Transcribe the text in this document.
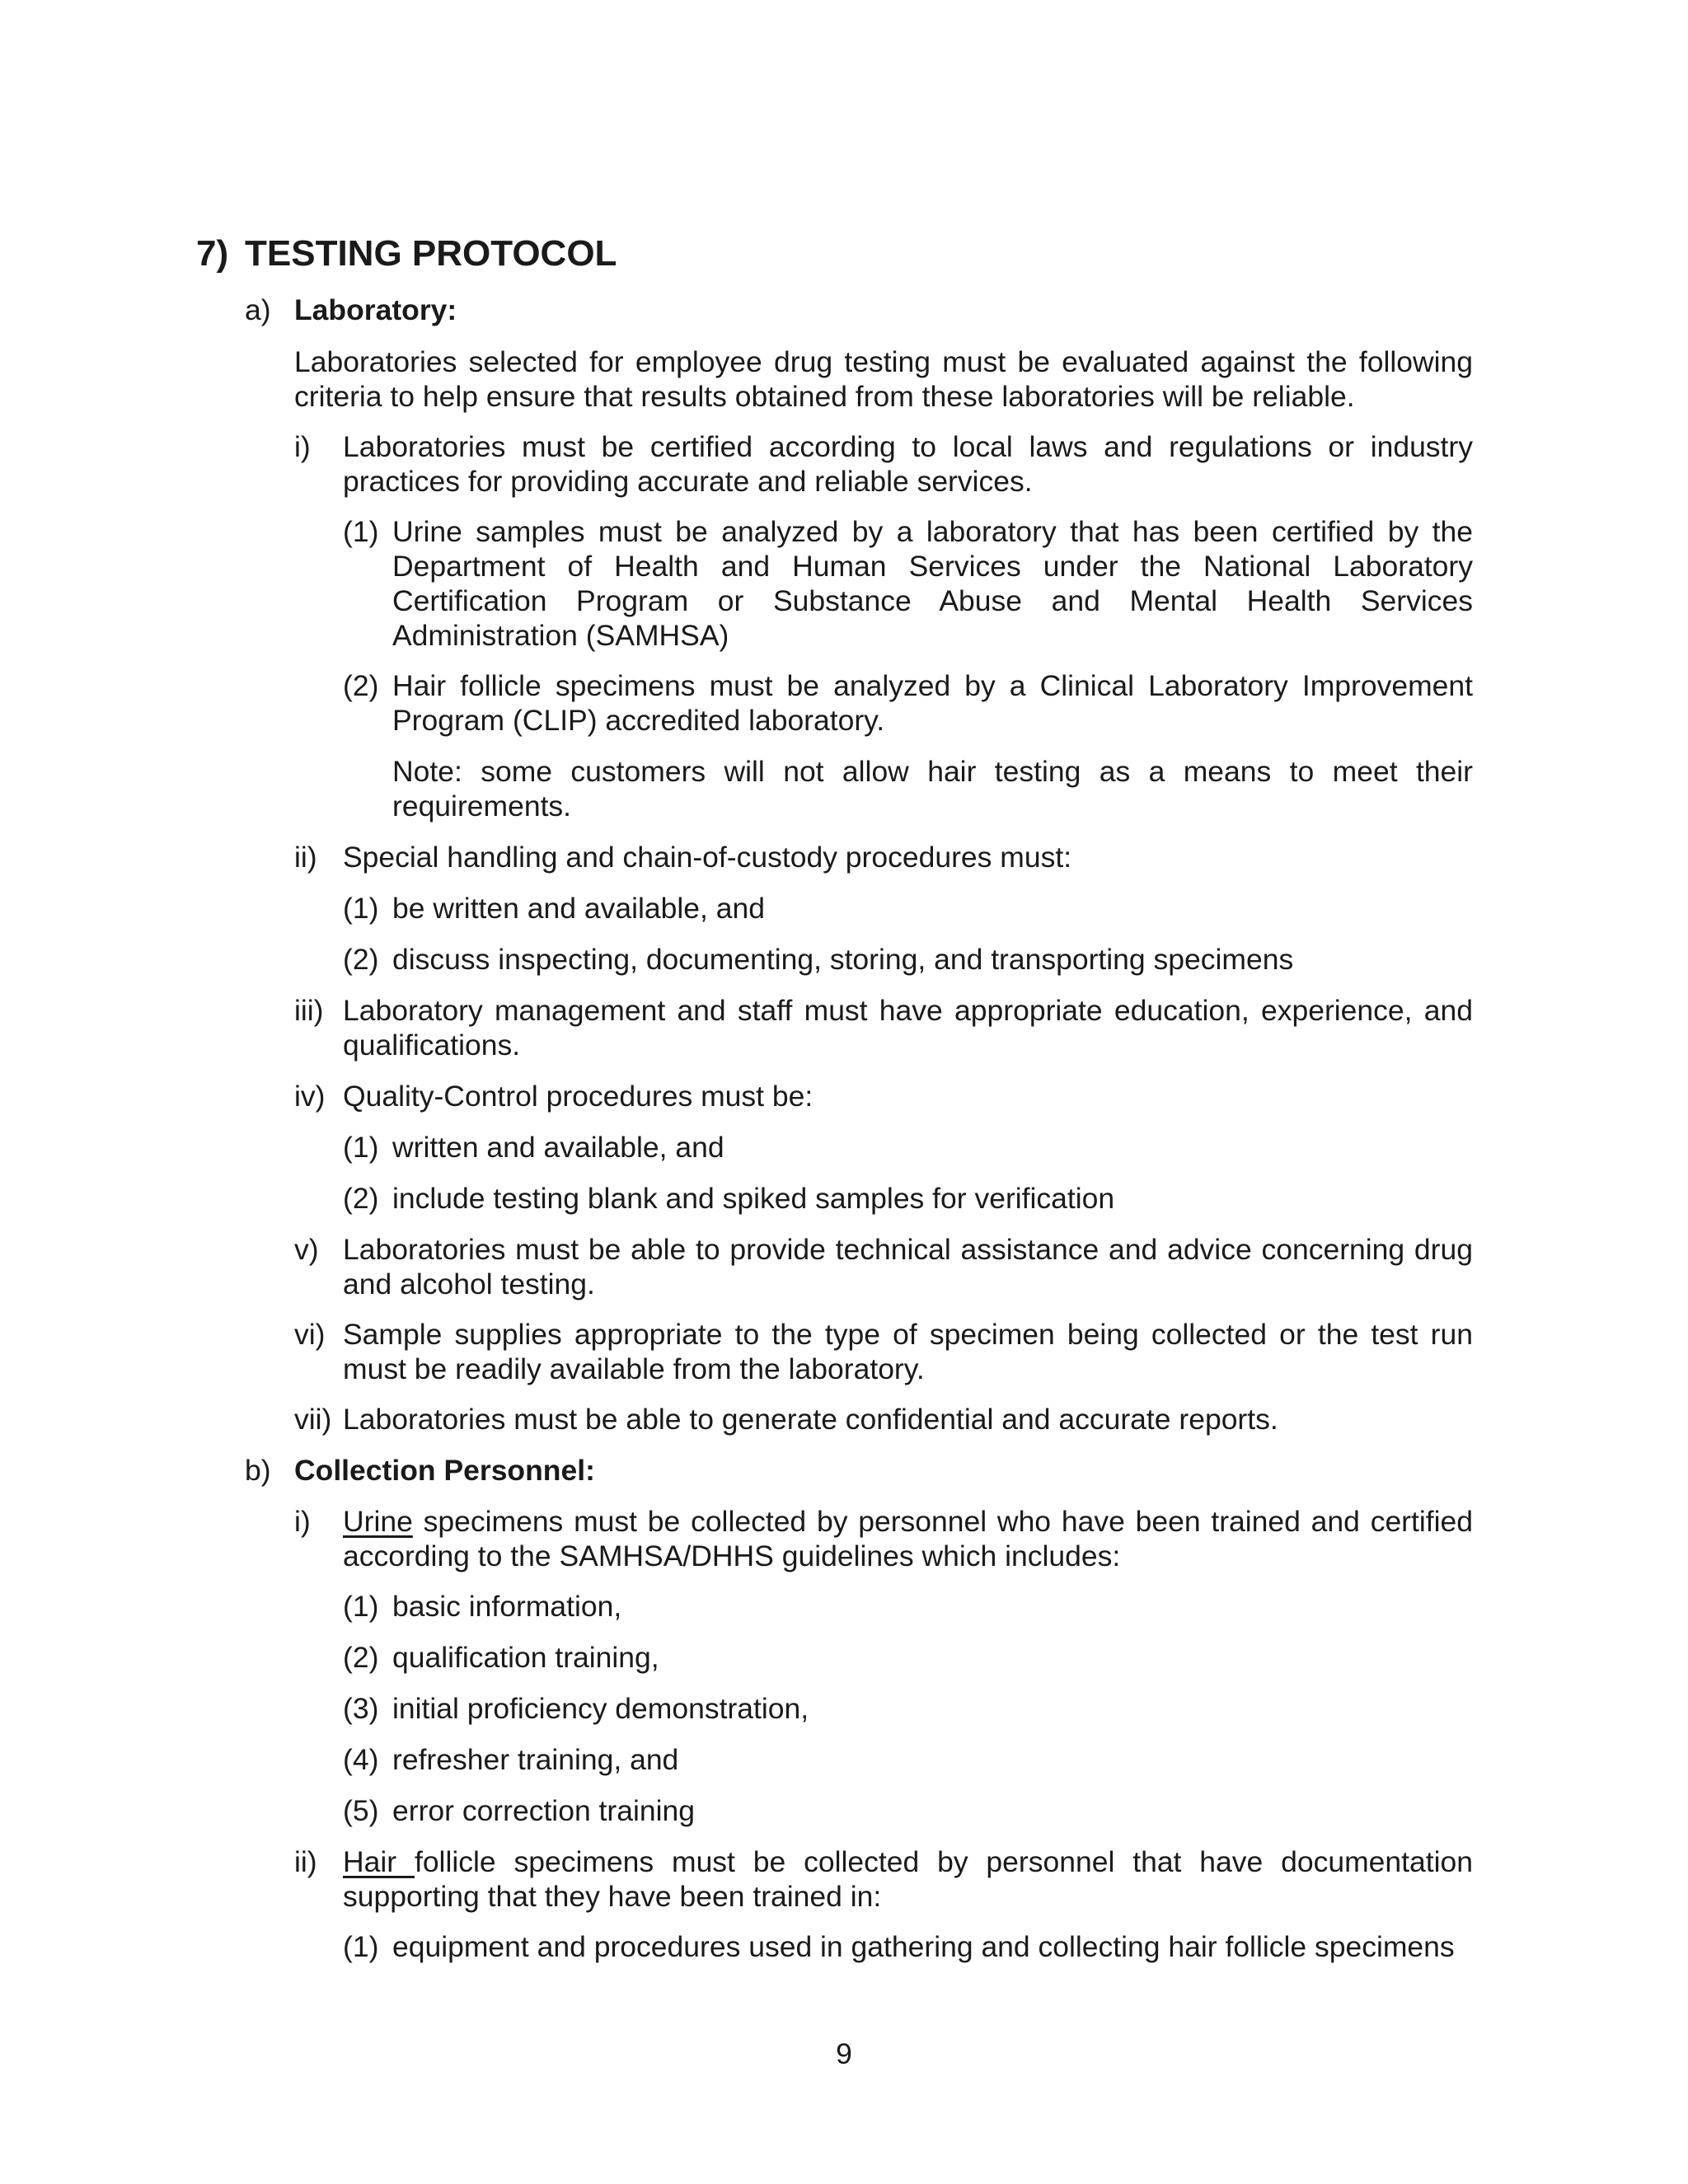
7) TESTING PROTOCOL
a) Laboratory:
Laboratories selected for employee drug testing must be evaluated against the following criteria to help ensure that results obtained from these laboratories will be reliable.
i) Laboratories must be certified according to local laws and regulations or industry practices for providing accurate and reliable services.
(1) Urine samples must be analyzed by a laboratory that has been certified by the Department of Health and Human Services under the National Laboratory Certification Program or Substance Abuse and Mental Health Services Administration (SAMHSA)
(2) Hair follicle specimens must be analyzed by a Clinical Laboratory Improvement Program (CLIP) accredited laboratory.
Note: some customers will not allow hair testing as a means to meet their requirements.
ii) Special handling and chain-of-custody procedures must:
(1) be written and available, and
(2) discuss inspecting, documenting, storing, and transporting specimens
iii) Laboratory management and staff must have appropriate education, experience, and qualifications.
iv) Quality-Control procedures must be:
(1) written and available, and
(2) include testing blank and spiked samples for verification
v) Laboratories must be able to provide technical assistance and advice concerning drug and alcohol testing.
vi) Sample supplies appropriate to the type of specimen being collected or the test run must be readily available from the laboratory.
vii) Laboratories must be able to generate confidential and accurate reports.
b) Collection Personnel:
i) Urine specimens must be collected by personnel who have been trained and certified according to the SAMHSA/DHHS guidelines which includes:
(1) basic information,
(2) qualification training,
(3) initial proficiency demonstration,
(4) refresher training, and
(5) error correction training
ii) Hair follicle specimens must be collected by personnel that have documentation supporting that they have been trained in:
(1) equipment and procedures used in gathering and collecting hair follicle specimens
9
